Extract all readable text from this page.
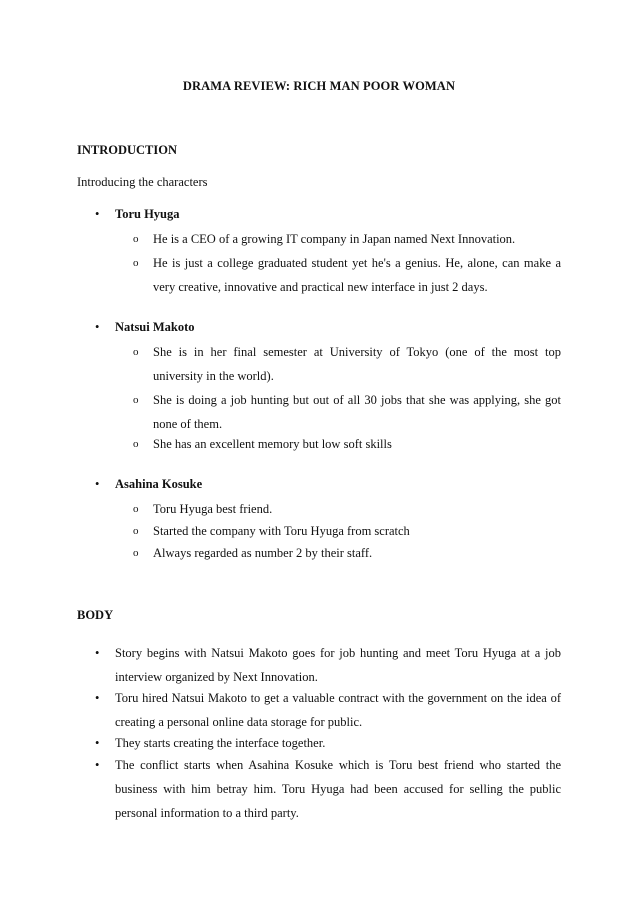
DRAMA REVIEW: RICH MAN POOR WOMAN
INTRODUCTION
Introducing the characters
• Toru Hyuga
o He is a CEO of a growing IT company in Japan named Next Innovation.

o He is just a college graduated student yet he's a genius. He, alone, can make a very creative, innovative and practical new interface in just 2 days.

• Natsui Makoto
o She is in her final semester at University of Tokyo (one of the most top university in the world).

o She is doing a job hunting but out of all 30 jobs that she was applying, she got none of them.

o She has an excellent memory but low soft skills

• Asahina Kosuke
o Toru Hyuga best friend.

o Started the company with Toru Hyuga from scratch

o Always regarded as number 2 by their staff.

BODY
• Story begins with Natsui Makoto goes for job hunting and meet Toru Hyuga at a job interview organized by Next Innovation.

• Toru hired Natsui Makoto to get a valuable contract with the government on the idea of creating a personal online data storage for public.

• They starts creating the interface together.

• The conflict starts when Asahina Kosuke which is Toru best friend who started the business with him betray him. Toru Hyuga had been accused for selling the public personal information to a third party.
